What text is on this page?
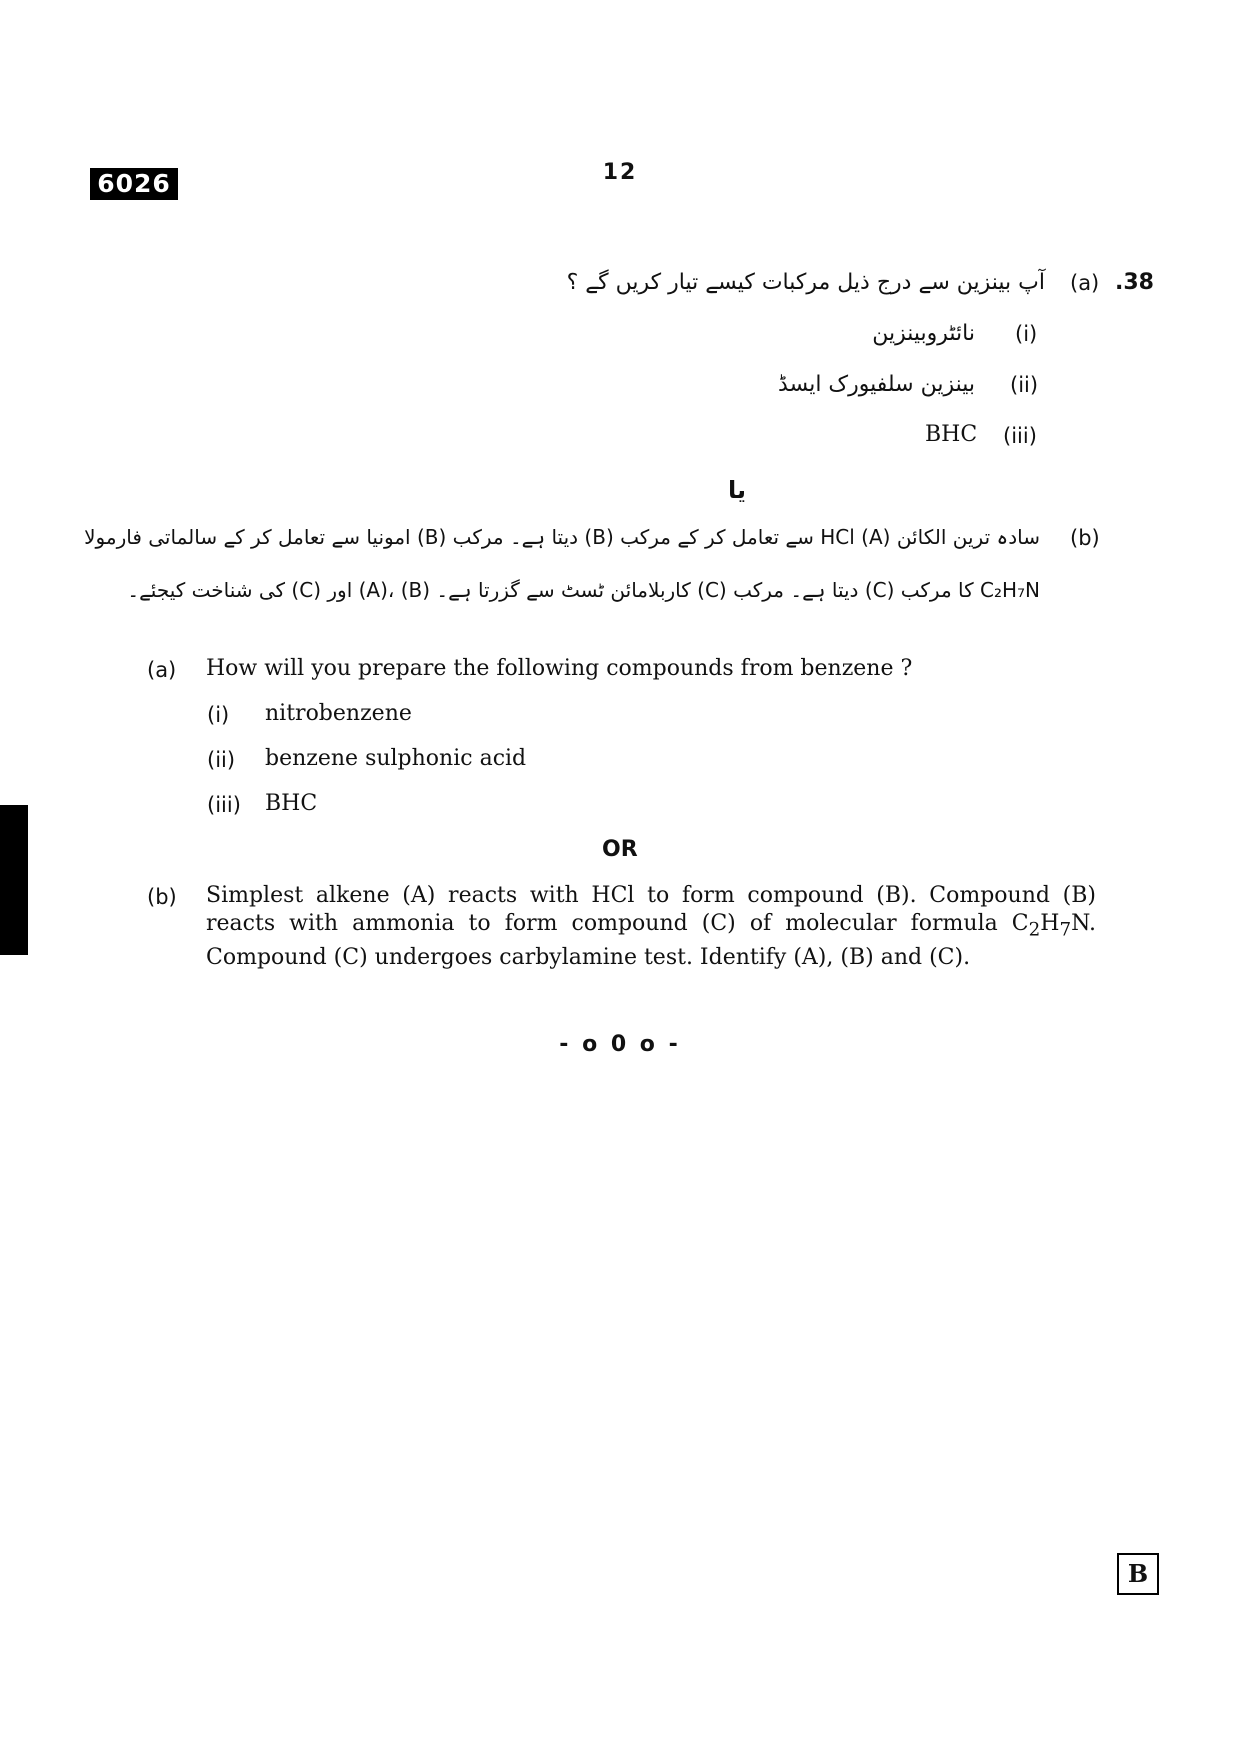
6026	12
.38
(a)
آپ بینزین سے درج ذیل مرکبات کیسے تیار کریں گے ؟
(i)
نائٹروبینزین
(ii)
بینزین سلفیورک ایسڈ
(iii)
BHC
یا
(b)
سادہ ترین الکائن (A) HCl سے تعامل کر کے مرکب (B) دیتا ہے۔ مرکب (B) امونیا سے تعامل کر کے سالماتی فارمولا
C₂H₇N کا مرکب (C) دیتا ہے۔ مرکب (C) کاربلامائن ٹسٹ سے گزرتا ہے۔ (B) ،(A) اور (C) کی شناخت کیجئے۔
(a) How will you prepare the following compounds from benzene ?
(i) nitrobenzene
(ii) benzene sulphonic acid
(iii) BHC
OR
(b) Simplest alkene (A) reacts with HCl to form compound (B). Compound (B) reacts with ammonia to form compound (C) of molecular formula $C_2H_7N$. Compound (C) undergoes carbylamine test. Identify (A), (B) and (C).
- o 0 o -
B
